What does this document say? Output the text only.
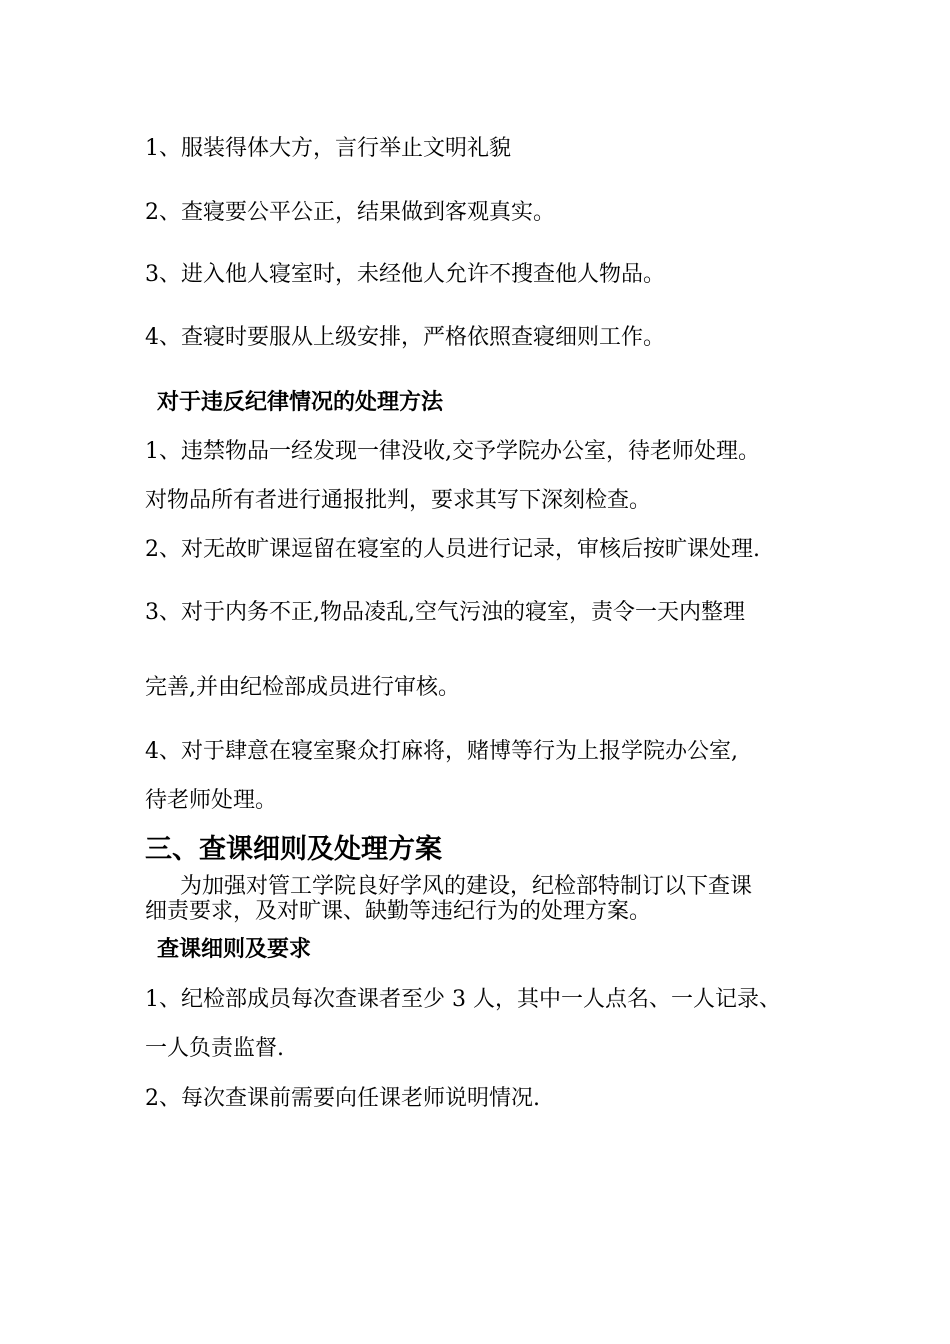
1、服装得体大方，言行举止文明礼貌
2、查寝要公平公正，结果做到客观真实。
3、进入他人寝室时，未经他人允许不搜查他人物品。
4、查寝时要服从上级安排，严格依照查寝细则工作。
对于违反纪律情况的处理方法
1、违禁物品一经发现一律没收,交予学院办公室，待老师处理。
对物品所有者进行通报批判，要求其写下深刻检查。
2、对无故旷课逗留在寝室的人员进行记录，审核后按旷课处理.
3、对于内务不正,物品凌乱,空气污浊的寝室，责令一天内整理
完善,并由纪检部成员进行审核。
4、对于肆意在寝室聚众打麻将，赌博等行为上报学院办公室,
待老师处理。
三、查课细则及处理方案
为加强对管工学院良好学风的建设，纪检部特制订以下查课
细责要求，及对旷课、缺勤等违纪行为的处理方案。
查课细则及要求
1、纪检部成员每次查课者至少 3 人，其中一人点名、一人记录、
一人负责监督.
2、每次查课前需要向任课老师说明情况.
